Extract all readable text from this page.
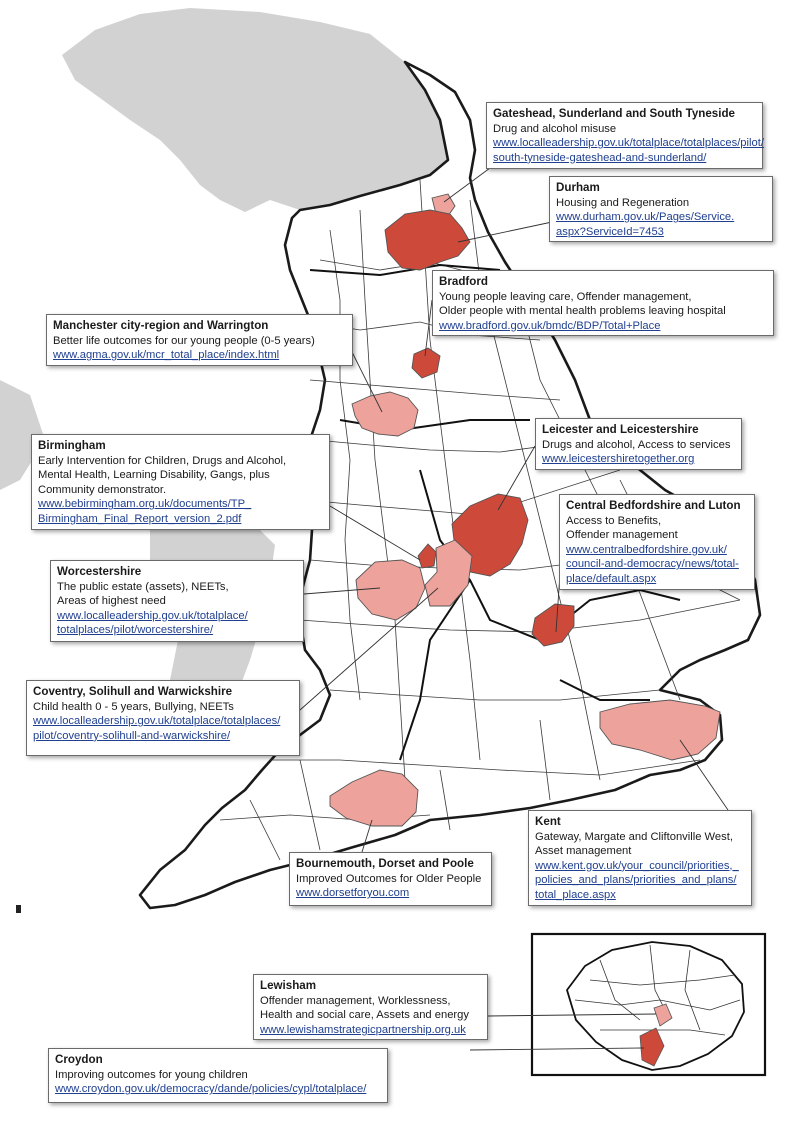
Gateshead, Sunderland and South Tyneside
Drug and alcohol misuse
www.localleadership.gov.uk/totalplace/totalplaces/pilot/
south-tyneside-gateshead-and-sunderland/
Durham
Housing and Regeneration
www.durham.gov.uk/Pages/Service.
aspx?ServiceId=7453
Bradford
Young people leaving care, Offender management,
Older people with mental health problems leaving hospital
www.bradford.gov.uk/bmdc/BDP/Total+Place
Manchester city-region and Warrington
Better life outcomes for our young people (0-5 years)
www.agma.gov.uk/mcr_total_place/index.html
Leicester and Leicestershire
Drugs and alcohol, Access to services
www.leicestershiretogether.org
Birmingham
Early Intervention for Children, Drugs and Alcohol,
Mental Health, Learning Disability, Gangs, plus
Community demonstrator.
www.bebirmingham.org.uk/documents/TP_
Birmingham_Final_Report_version_2.pdf
Central Bedfordshire and Luton
Access to Benefits,
Offender management
www.centralbedfordshire.gov.uk/
council-and-democracy/news/total-
place/default.aspx
Worcestershire
The public estate (assets), NEETs,
Areas of highest need
www.localleadership.gov.uk/totalplace/
totalplaces/pilot/worcestershire/
Coventry, Solihull and Warwickshire
Child health 0 - 5 years, Bullying, NEETs
www.localleadership.gov.uk/totalplace/totalplaces/
pilot/coventry-solihull-and-warwickshire/
Kent
Gateway, Margate and Cliftonville West,
Asset management
www.kent.gov.uk/your_council/priorities,_
policies_and_plans/priorities_and_plans/
total_place.aspx
Bournemouth, Dorset and Poole
Improved Outcomes for Older People
www.dorsetforyou.com
Lewisham
Offender management, Worklessness,
Health and social care, Assets and energy
www.lewishamstrategicpartnership.org.uk
Croydon
Improving outcomes for young children
www.croydon.gov.uk/democracy/dande/policies/cypl/totalplace/
